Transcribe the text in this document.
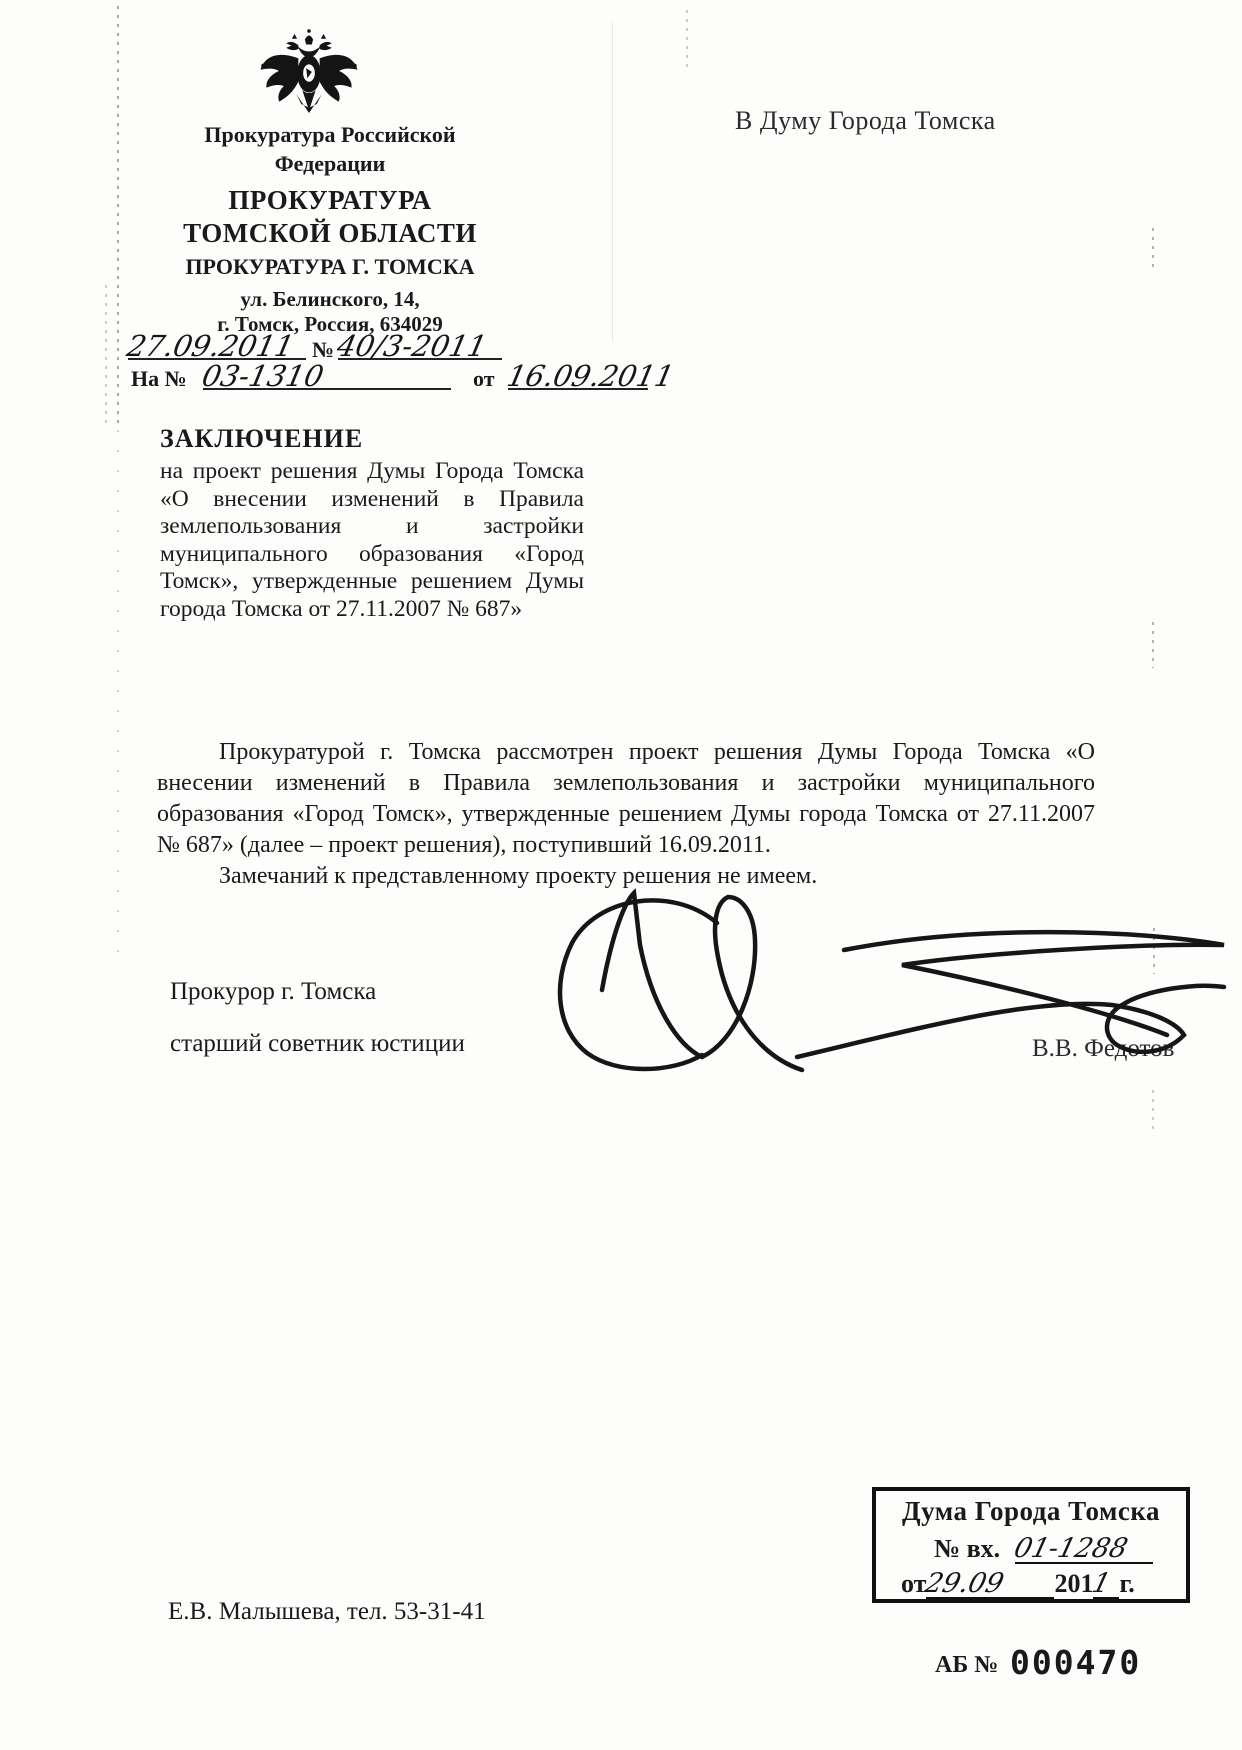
Прокуратура Российской
Федерации
ПРОКУРАТУРА
ТОМСКОЙ ОБЛАСТИ
ПРОКУРАТУРА Г. ТОМСКА
ул. Белинского, 14,
г. Томск, Россия, 634029
27.09.2011 № 40/3-2011
На № 03-1310	от 16.09.2011
В Думу Города Томска
ЗАКЛЮЧЕНИЕ
на проект решения Думы Города Томска «О внесении изменений в Правила землепользования и застройки муниципального образования «Город Томск», утвержденные решением Думы города Томска от 27.11.2007 № 687»

Прокуратурой г. Томска рассмотрен проект решения Думы Города Томска «О внесении изменений в Правила землепользования и застройки муниципального образования «Город Томск», утвержденные решением Думы города Томска от 27.11.2007 № 687» (далее – проект решения), поступивший 16.09.2011.

Замечаний к представленному проекту решения не имеем.

Прокурор г. Томска
старший советник юстиции	В.В. Федотов
Дума Города Томска
№ вх. 01-1288
от29.09 2011 г.
Е.В. Малышева, тел. 53-31-41
АБ № 000470
